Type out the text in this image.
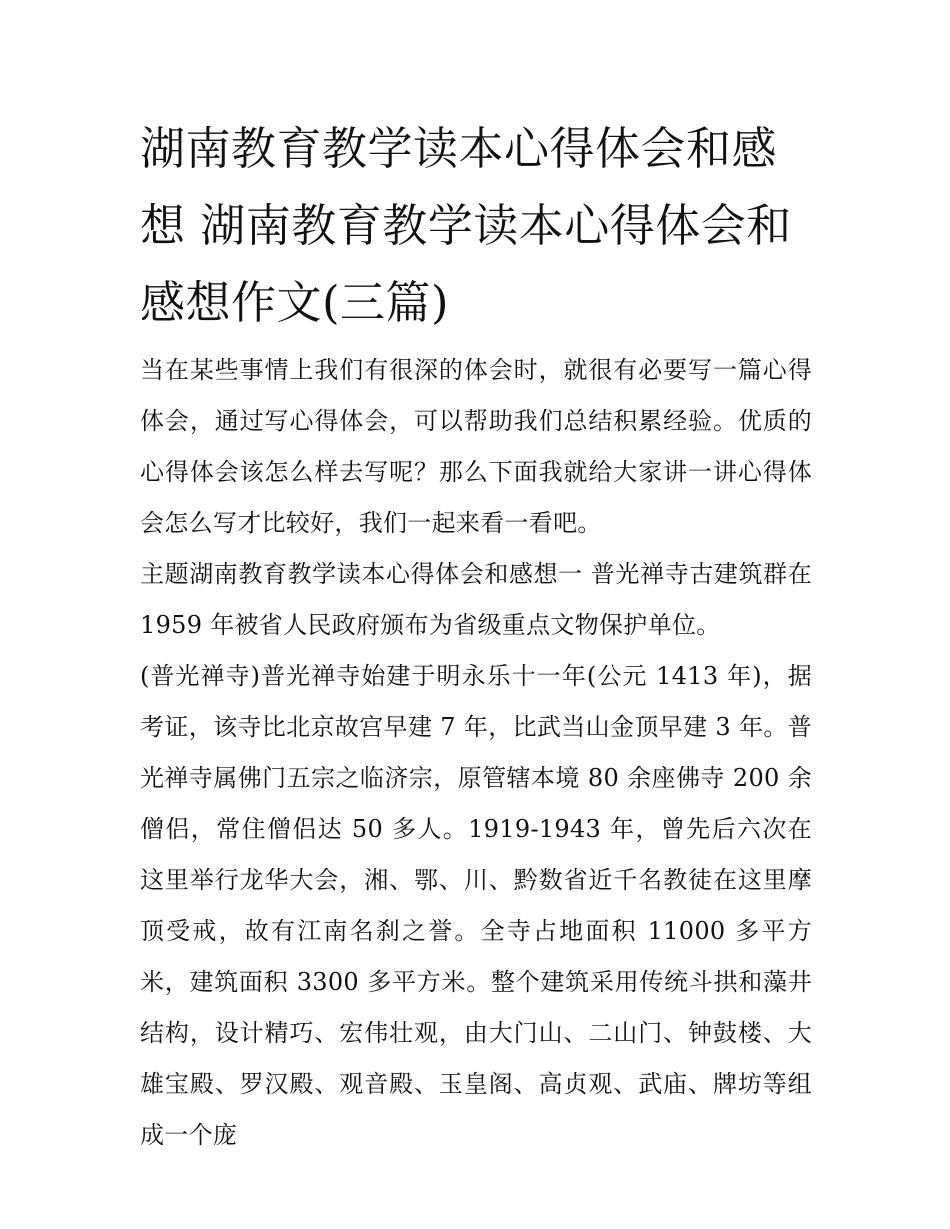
湖南教育教学读本心得体会和感想 湖南教育教学读本心得体会和感想作文(三篇)

当在某些事情上我们有很深的体会时，就很有必要写一篇心得体会，通过写心得体会，可以帮助我们总结积累经验。优质的心得体会该怎么样去写呢？那么下面我就给大家讲一讲心得体会怎么写才比较好，我们一起来看一看吧。

主题湖南教育教学读本心得体会和感想一 普光禅寺古建筑群在 1959 年被省人民政府颁布为省级重点文物保护单位。

(普光禅寺)普光禅寺始建于明永乐十一年(公元 1413 年)，据考证，该寺比北京故宫早建 7 年，比武当山金顶早建 3 年。普光禅寺属佛门五宗之临济宗，原管辖本境 80 余座佛寺 200 余僧侣，常住僧侣达 50 多人。1919-1943 年，曾先后六次在这里举行龙华大会，湘、鄂、川、黔数省近千名教徒在这里摩顶受戒，故有江南名刹之誉。全寺占地面积 11000 多平方米，建筑面积 3300 多平方米。整个建筑采用传统斗拱和藻井结构，设计精巧、宏伟壮观，由大门山、二山门、钟鼓楼、大雄宝殿、罗汉殿、观音殿、玉皇阁、高贞观、武庙、牌坊等组成一个庞
